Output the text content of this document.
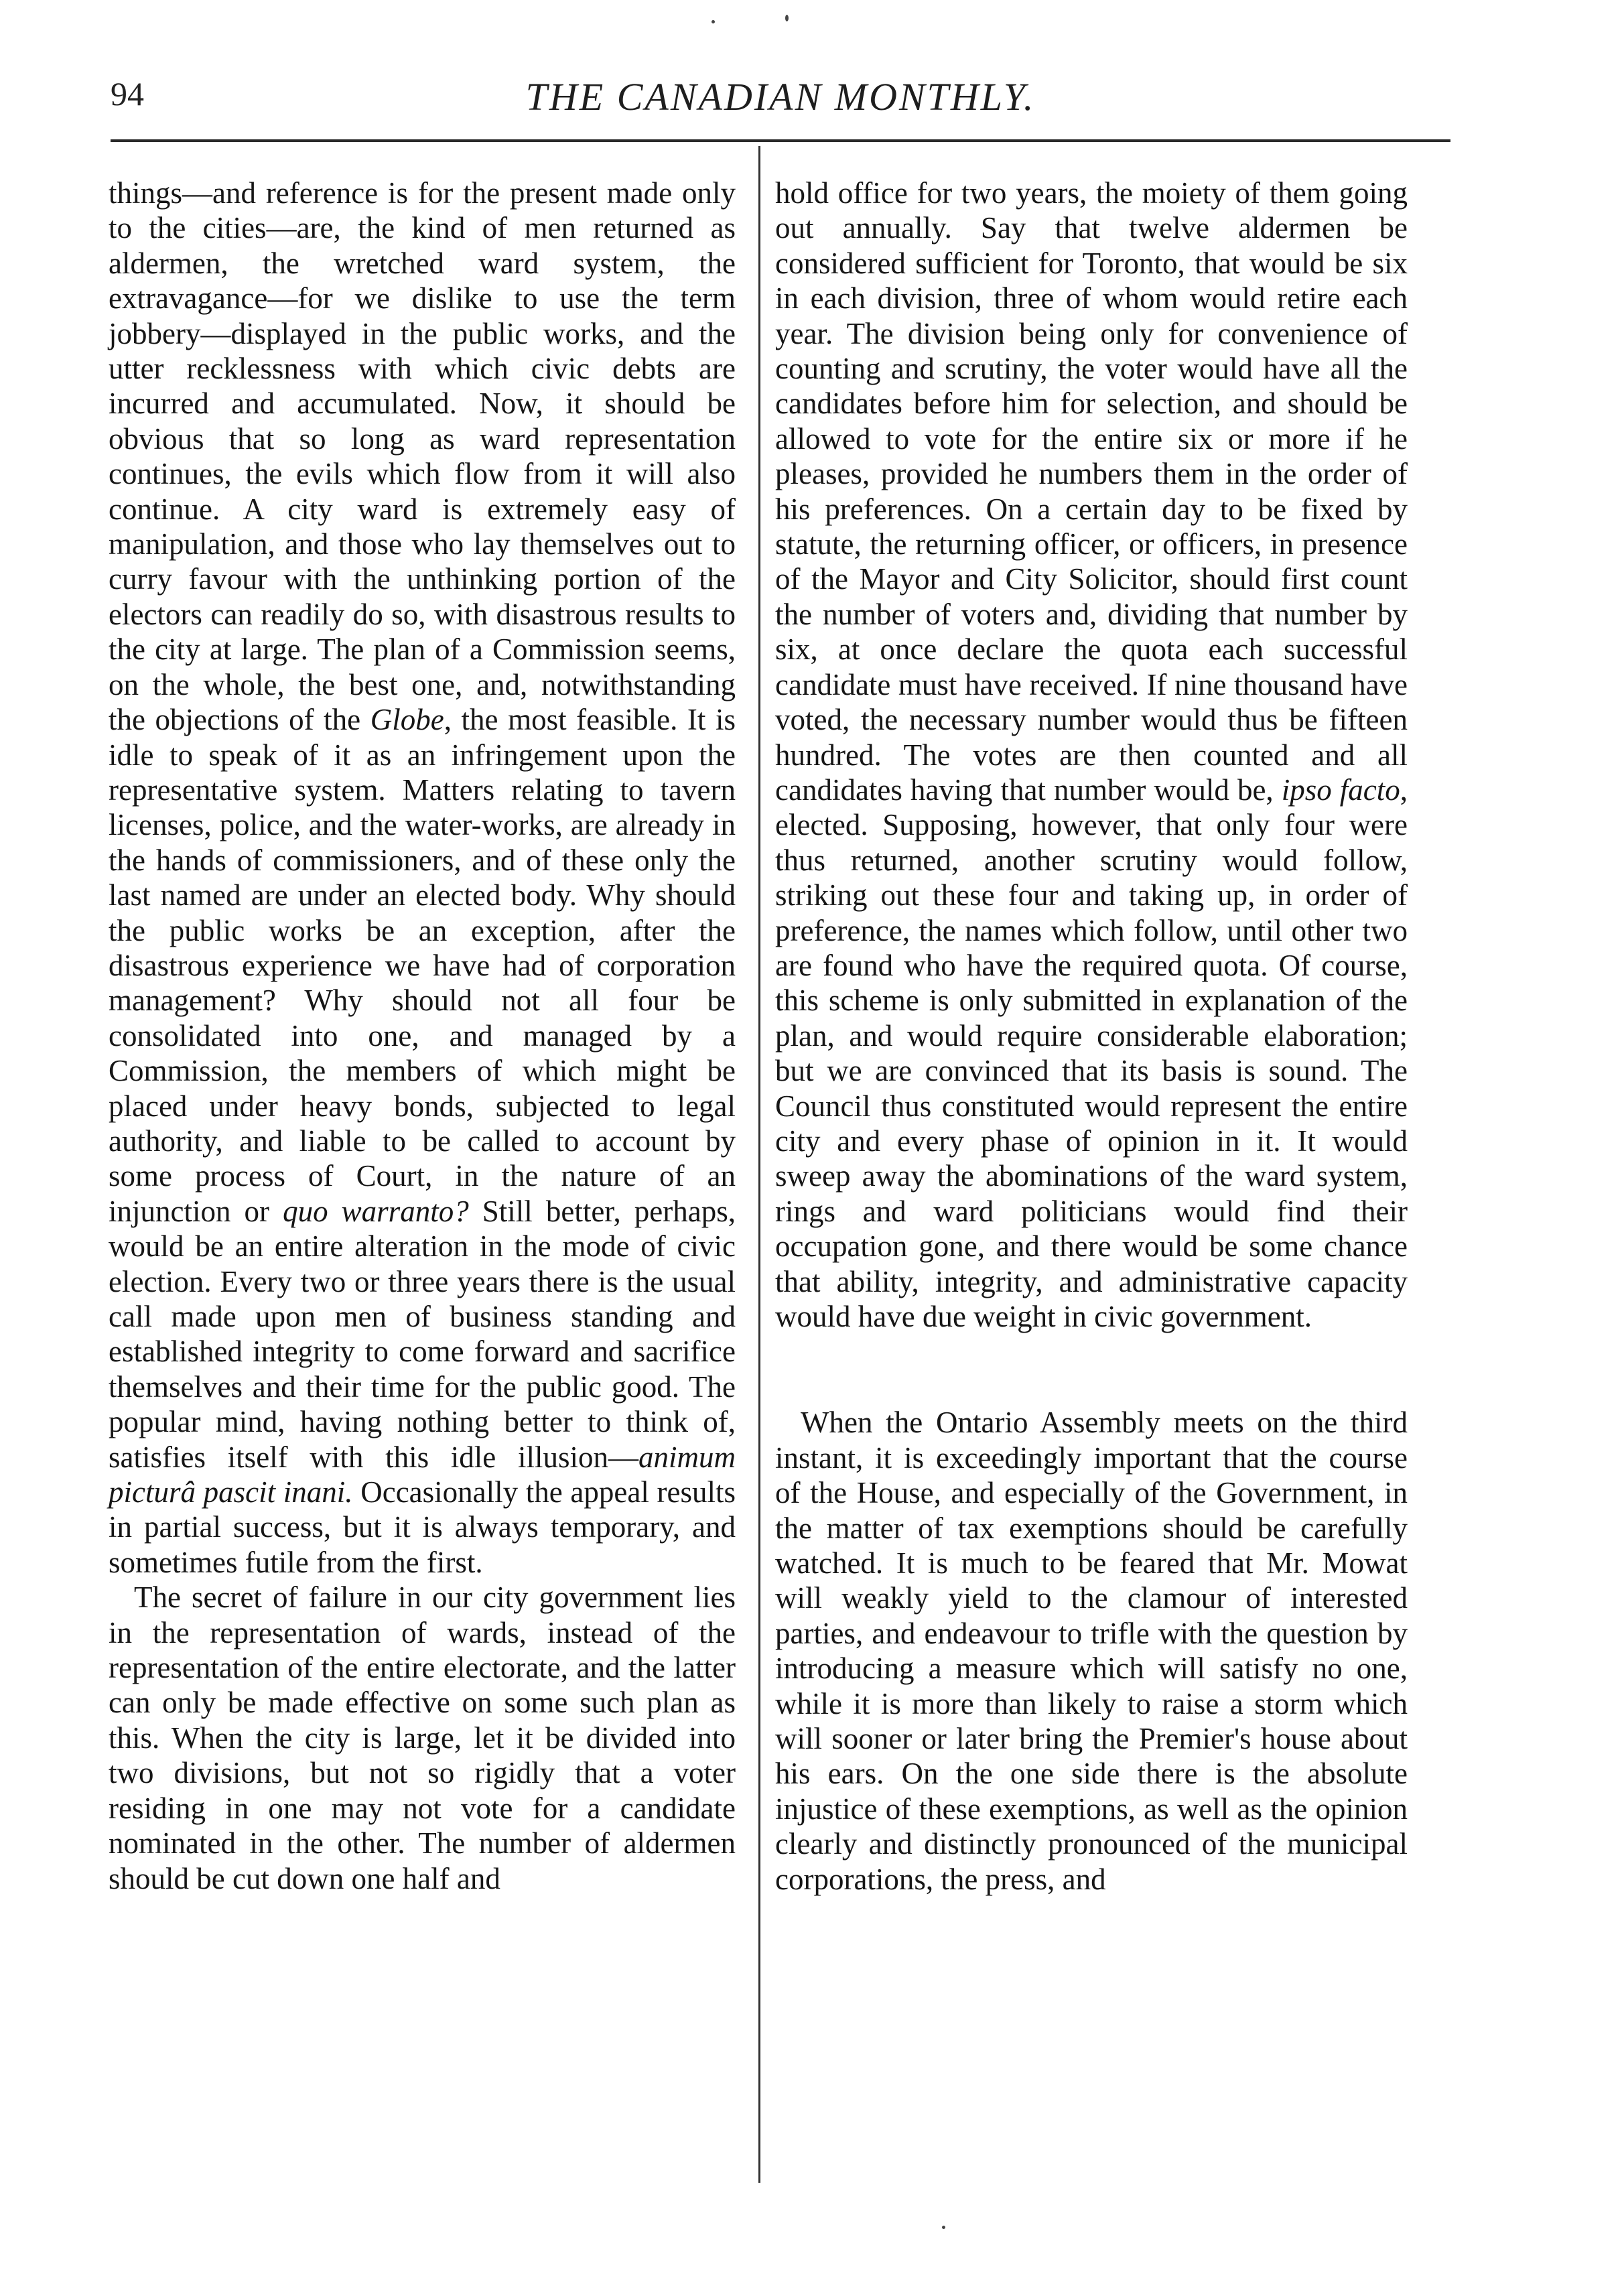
94	THE CANADIAN MONTHLY.

things—and reference is for the present made only to the cities—are, the kind of men returned as aldermen, the wretched ward system, the extravagance—for we dislike to use the term jobbery—displayed in the public works, and the utter recklessness with which civic debts are incurred and accumulated. Now, it should be obvious that so long as ward representation continues, the evils which flow from it will also continue. A city ward is extremely easy of manipulation, and those who lay themselves out to curry favour with the unthinking portion of the electors can readily do so, with disastrous results to the city at large. The plan of a Commission seems, on the whole, the best one, and, notwithstanding the objections of the Globe, the most feasible. It is idle to speak of it as an infringement upon the representative system. Matters relating to tavern licenses, police, and the water-works, are already in the hands of commissioners, and of these only the last named are under an elected body. Why should the public works be an exception, after the disastrous experience we have had of corporation management? Why should not all four be consolidated into one, and managed by a Commission, the members of which might be placed under heavy bonds, subjected to legal authority, and liable to be called to account by some process of Court, in the nature of an injunction or quo warranto? Still better, perhaps, would be an entire alteration in the mode of civic election. Every two or three years there is the usual call made upon men of business standing and established integrity to come forward and sacrifice themselves and their time for the public good. The popular mind, having nothing better to think of, satisfies itself with this idle illusion—animum picturâ pascit inani. Occasionally the appeal results in partial success, but it is always temporary, and sometimes futile from the first.

The secret of failure in our city government lies in the representation of wards, instead of the representation of the entire electorate, and the latter can only be made effective on some such plan as this. When the city is large, let it be divided into two divisions, but not so rigidly that a voter residing in one may not vote for a candidate nominated in the other. The number of aldermen should be cut down one half and

hold office for two years, the moiety of them going out annually. Say that twelve aldermen be considered sufficient for Toronto, that would be six in each division, three of whom would retire each year. The division being only for convenience of counting and scrutiny, the voter would have all the candidates before him for selection, and should be allowed to vote for the entire six or more if he pleases, provided he numbers them in the order of his preferences. On a certain day to be fixed by statute, the returning officer, or officers, in presence of the Mayor and City Solicitor, should first count the number of voters and, dividing that number by six, at once declare the quota each successful candidate must have received. If nine thousand have voted, the necessary number would thus be fifteen hundred. The votes are then counted and all candidates having that number would be, ipso facto, elected. Supposing, however, that only four were thus returned, another scrutiny would follow, striking out these four and taking up, in order of preference, the names which follow, until other two are found who have the required quota. Of course, this scheme is only submitted in explanation of the plan, and would require considerable elaboration; but we are convinced that its basis is sound. The Council thus constituted would represent the entire city and every phase of opinion in it. It would sweep away the abominations of the ward system, rings and ward politicians would find their occupation gone, and there would be some chance that ability, integrity, and administrative capacity would have due weight in civic government.

When the Ontario Assembly meets on the third instant, it is exceedingly important that the course of the House, and especially of the Government, in the matter of tax exemptions should be carefully watched. It is much to be feared that Mr. Mowat will weakly yield to the clamour of interested parties, and endeavour to trifle with the question by introducing a measure which will satisfy no one, while it is more than likely to raise a storm which will sooner or later bring the Premier's house about his ears. On the one side there is the absolute injustice of these exemptions, as well as the opinion clearly and distinctly pronounced of the municipal corporations, the press, and
